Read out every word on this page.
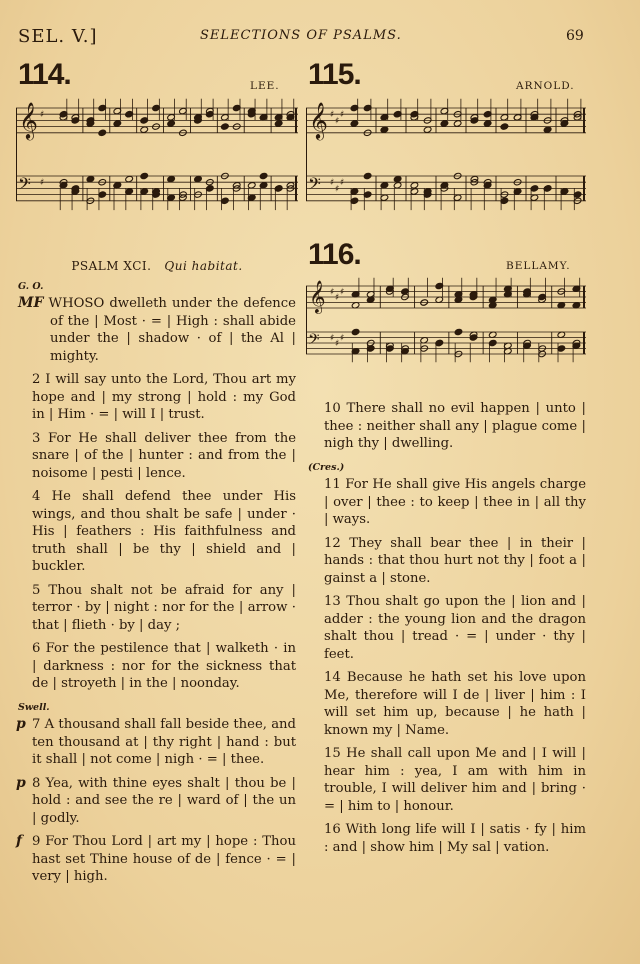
SEL. V.]	SELECTIONS OF PSALMS.	69
114.	LEE.
𝄞
𝄢
♯
♯
115.	ARNOLD.
𝄞
𝄢
♯
♯
♯
♯
♯
♯
116.	BELLAMY.
𝄞
𝄢
♯
♯
♯
♯
♯
♯

PSALM XCI. Qui habitat.

G. O.

MF WHOSO dwelleth under the defence of the | Most · = | High : shall abide under the | shadow · of | the Al | mighty.

2 I will say unto the Lord, Thou art my hope and | my strong | hold : my God in | Him · = | will I | trust.

3 For He shall deliver thee from the snare | of the | hunter : and from the | noisome | pesti | lence.

4 He shall defend thee under His wings, and thou shalt be safe | under · His | feathers : His faithfulness and truth shall | be thy | shield and | buckler.

5 Thou shalt not be afraid for any | terror · by | night : nor for the | arrow · that | flieth · by | day ;

6 For the pestilence that | walketh · in | darkness : nor for the sickness that de | stroyeth | in the | noonday.

Swell.

p 7 A thousand shall fall beside thee, and ten thousand at | thy right | hand : but it shall | not come | nigh · = | thee.

p 8 Yea, with thine eyes shalt | thou be | hold : and see the re | ward of | the un | godly.

f 9 For Thou Lord | art my | hope : Thou hast set Thine house of de | fence · = | very | high.

10 There shall no evil happen | unto | thee : neither shall any | plague come | nigh thy | dwelling.

(Cres.)

11 For He shall give His angels charge | over | thee : to keep | thee in | all thy | ways.

12 They shall bear thee | in their | hands : that thou hurt not thy | foot a | gainst a | stone.

13 Thou shalt go upon the | lion and | adder : the young lion and the dragon shalt thou | tread · = | under · thy | feet.

14 Because he hath set his love upon Me, therefore will I de | liver | him : I will set him up, because | he hath | known my | Name.

15 He shall call upon Me and | I will | hear him : yea, I am with him in trouble, I will deliver him and | bring · = | him to | honour.

16 With long life will I | satis · fy | him : and | show him | My sal | vation.
